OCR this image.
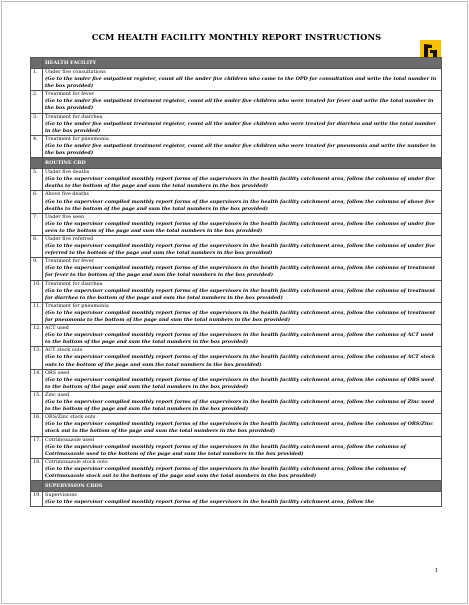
CCM HEALTH FACILITY MONTHLY REPORT INSTRUCTIONS
	HEALTH FACILITY
1.	Under five consultations
(Go to the under five outpatient register, count all the under five children who came to the OPD for consultation and write the total number in the box provided)

2.	Treatment for fever
(Go to the under five outpatient treatment register, count all the under five children who were treated for fever and write the total number in the box provided)

3.	Treatment for diarrhea
(Go to the under five outpatient treatment register, count all the under five children who were treated for diarrhea and write the total number in the box provided)

4.	Treatment for pneumonia
(Go to the under five outpatient treatment register, count all the under five children who were treated for pneumonia and write the number in the box provided)

	ROUTINE CBD
5.	Under five deaths
(Go to the supervisor compiled monthly report forms of the supervisors in the health facility catchment area, follow the columns of under five deaths to the bottom of the page and sum the total numbers in the box provided)

6.	Above five deaths
(Go to the supervisor compiled monthly report forms of the supervisors in the health facility catchment area, follow the columns of above five deaths to the bottom of the page and sum the total numbers in the box provided)

7.	Under five seen
(Go to the supervisor compiled monthly report forms of the supervisors in the health facility catchment area, follow the columns of under five seen to the bottom of the page and sum the total numbers in the box provided)

8.	Under five referred
(Go to the supervisor compiled monthly report forms of the supervisors in the health facility catchment area, follow the columns of under five referred to the bottom of the page and sum the total numbers in the box provided)

9.	Treatment for fever
(Go to the supervisor compiled monthly report forms of the supervisors in the health facility catchment area, follow the columns of treatment for fever to the bottom of the page and sum the total numbers in the box provided)

10.	Treatment for diarrhea
(Go to the supervisor compiled monthly report forms of the supervisors in the health facility catchment area, follow the columns of treatment for diarrhea to the bottom of the page and sum the total numbers in the box provided)

11.	Treatment for pneumonia
(Go to the supervisor compiled monthly report forms of the supervisors in the health facility catchment area, follow the columns of treatment for pneumonia to the bottom of the page and sum the total numbers in the box provided)

12.	ACT used
(Go to the supervisor compiled monthly report forms of the supervisors in the health facility catchment area, follow the columns of ACT used to the bottom of the page and sum the total numbers in the box provided)

13.	ACT stock outs
(Go to the supervisor compiled monthly report forms of the supervisors in the health facility catchment area, follow the columns of ACT stock outs to the bottom of the page and sum the total numbers in the box provided)

14.	ORS used
(Go to the supervisor compiled monthly report forms of the supervisors in the health facility catchment area, follow the columns of ORS used to the bottom of the page and sum the total numbers in the box provided)

15.	Zinc used
(Go to the supervisor compiled monthly report forms of the supervisors in the health facility catchment area, follow the columns of Zinc used to the bottom of the page and sum the total numbers in the box provided)

16.	ORS/Zinc stock outs
(Go to the supervisor compiled monthly report forms of the supervisors in the health facility catchment area, follow the columns of ORS/Zinc stock out to the bottom of the page and sum the total numbers in the box provided)

17.	Cotrimoxazole used
(Go to the supervisor compiled monthly report forms of the supervisors in the health facility catchment area, follow the columns of Cotrimoxazole used to the bottom of the page and sum the total numbers in the box provided)

18.	Cotrimoxazole stock outs
(Go to the supervisor compiled monthly report forms of the supervisors in the health facility catchment area, follow the columns of Cotrimoxazole stock out to the bottom of the page and sum the total numbers in the box provided)

	SUPERVISION CBDS
19.	Supervisions
(Go to the supervisor compiled monthly report forms of the supervisors in the health facility catchment area, follow the
1
